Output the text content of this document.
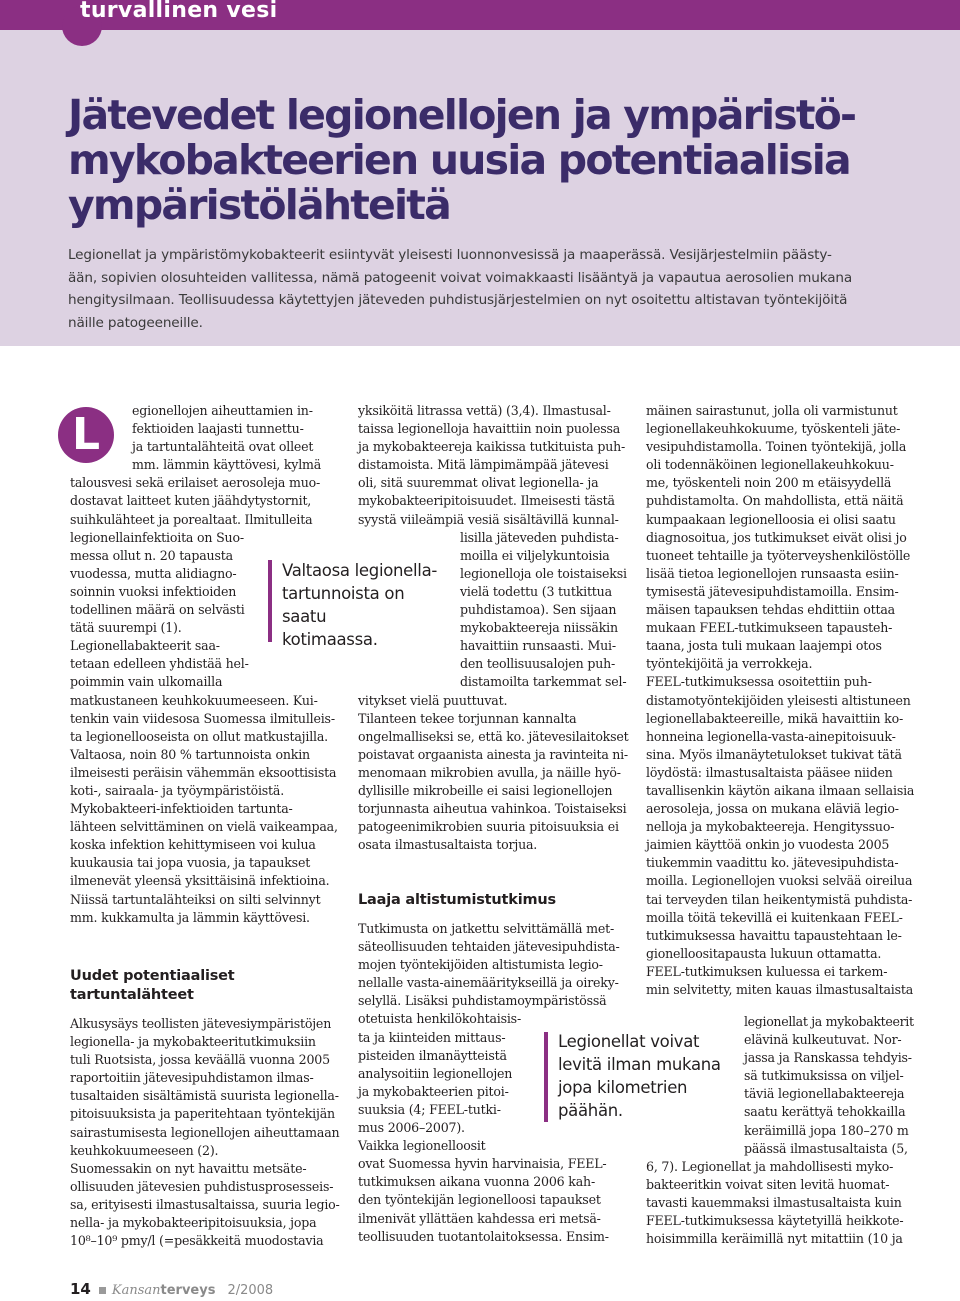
turvallinen vesi
Jätevedet legionellojen ja ympäristö-
mykobakteerien uusia potentiaalisia
ympäristölähteitä

Legionellat ja ympäristömykobakteerit esiintyvät yleisesti luonnonvesissä ja maaperässä. Vesijärjestelmiin päästy-
ään, sopivien olosuhteiden vallitessa, nämä patogeenit voivat voimakkaasti lisääntyä ja vapautua aerosolien mukana
hengitysilmaan. Teollisuudessa käytettyjen jäteveden puhdistusjärjestelmien on nyt osoitettu altistavan työntekijöitä
näille patogeeneille.

L	egionellojen aiheuttamien in-
fektioiden laajasti tunnettu-
ja tartuntalähteitä ovat olleet
mm. lämmin käyttövesi, kylmä
talousvesi sekä erilaiset aerosoleja muo-
dostavat laitteet kuten jäähdytystornit,
suihkulähteet ja porealtaat. Ilmitulleita
legionellainfektioita on Suo-
messa ollut n. 20 tapausta
vuodessa, mutta alidiagno-
soinnin vuoksi infektioiden
todellinen määrä on selvästi
tätä suurempi (1).
Legionellabakteerit saa-
tetaan edelleen yhdistää hel-
poimmin vain ulkomailla
matkustaneen keuhkokuumeeseen. Kui-
tenkin vain viidesosa Suomessa ilmitulleis-
ta legionellooseista on ollut matkustajilla.
Valtaosa, noin 80 % tartunnoista onkin
ilmeisesti peräisin vähemmän eksoottisista
koti-, sairaala- ja työympäristöistä.
Mykobakteeri-infektioiden tartunta-
lähteen selvittäminen on vielä vaikeampaa,
koska infektion kehittymiseen voi kulua
kuukausia tai jopa vuosia, ja tapaukset
ilmenevät yleensä yksittäisinä infektioina.
Niissä tartuntalähteiksi on silti selvinnyt
mm. kukkamulta ja lämmin käyttövesi.
Uudet potentiaaliset
tartuntalähteet
Alkusysäys teollisten jätevesiympäristöjen
legionella- ja mykobakteeritutkimuksiin
tuli Ruotsista, jossa keväällä vuonna 2005
raportoitiin jätevesipuhdistamon ilmas-
tusaltaiden sisältämistä suurista legionella-
pitoisuuksista ja paperitehtaan työntekijän
sairastumisesta legionellojen aiheuttamaan
keuhkokuumeeseen (2).
Suomessakin on nyt havaittu metsäte-
ollisuuden jätevesien puhdistusprosesseis-
sa, erityisesti ilmastusaltaissa, suuria legio-
nella- ja mykobakteeripitoisuuksia, jopa
10⁸–10⁹ pmy/l (=pesäkkeitä muodostavia
Valtaosa legionella-
tartunnoista on
saatu
kotimaassa.
yksiköitä litrassa vettä) (3,4). Ilmastusal-
taissa legionelloja havaittiin noin puolessa
ja mykobakteereja kaikissa tutkituista puh-
distamoista. Mitä lämpimämpää jätevesi
oli, sitä suuremmat olivat legionella- ja
mykobakteeripitoisuudet. Ilmeisesti tästä
syystä viileämpiä vesiä sisältävillä kunnal-
lisilla jäteveden puhdista-
moilla ei viljelykuntoisia
legionelloja ole toistaiseksi
vielä todettu (3 tutkittua
puhdistamoa). Sen sijaan
mykobakteereja niissäkin
havaittiin runsaasti. Mui-
den teollisuusalojen puh-
distamoilta tarkemmat sel-
vitykset vielä puuttuvat.
Tilanteen tekee torjunnan kannalta
ongelmalliseksi se, että ko. jätevesilaitokset
poistavat orgaanista ainesta ja ravinteita ni-
menomaan mikrobien avulla, ja näille hyö-
dyllisille mikrobeille ei saisi legionellojen
torjunnasta aiheutua vahinkoa. Toistaiseksi
patogeenimikrobien suuria pitoisuuksia ei
osata ilmastusaltaista torjua.
Laaja altistumistutkimus
Tutkimusta on jatkettu selvittämällä met-
säteollisuuden tehtaiden jätevesipuhdista-
mojen työntekijöiden altistumista legio-
nellalle vasta-ainemääritykseillä ja oireky-
selyllä. Lisäksi puhdistamoympäristössä
otetuista henkilökohtaisis-
ta ja kiinteiden mittaus-
pisteiden ilmanäytteistä
analysoitiin legionellojen
ja mykobakteerien pitoi-
suuksia (4; FEEL-tutki-
mus 2006–2007).
Vaikka legionelloosit
ovat Suomessa hyvin harvinaisia, FEEL-
tutkimuksen aikana vuonna 2006 kah-
den työntekijän legionelloosi tapaukset
ilmenivät yllättäen kahdessa eri metsä-
teollisuuden tuotantolaitoksessa. Ensim-
Legionellat voivat
levitä ilman mukana
jopa kilometrien
päähän.
mäinen sairastunut, jolla oli varmistunut
legionellakeuhkokuume, työskenteli jäte-
vesipuhdistamolla. Toinen työntekijä, jolla
oli todennäköinen legionellakeuhkokuu-
me, työskenteli noin 200 m etäisyydellä
puhdistamolta. On mahdollista, että näitä
kumpaakaan legionelloosia ei olisi saatu
diagnosoitua, jos tutkimukset eivät olisi jo
tuoneet tehtaille ja työterveyshenkilöstölle
lisää tietoa legionellojen runsaasta esiin-
tymisestä jätevesipuhdistamoilla. Ensim-
mäisen tapauksen tehdas ehdittiin ottaa
mukaan FEEL-tutkimukseen tapausteh-
taana, josta tuli mukaan laajempi otos
työntekijöitä ja verrokkeja.
FEEL-tutkimuksessa osoitettiin puh-
distamotyöntekijöiden yleisesti altistuneen
legionellabakteereille, mikä havaittiin ko-
honneina legionella-vasta-ainepitoisuuk-
sina. Myös ilmanäytetulokset tukivat tätä
löydöstä: ilmastusaltaista pääsee niiden
tavallisenkin käytön aikana ilmaan sellaisia
aerosoleja, jossa on mukana eläviä legio-
nelloja ja mykobakteereja. Hengityssuo-
jaimien käyttöä onkin jo vuodesta 2005
tiukemmin vaadittu ko. jätevesipuhdista-
moilla. Legionellojen vuoksi selvää oireilua
tai terveyden tilan heikentymistä puhdista-
moilla töitä tekevillä ei kuitenkaan FEEL-
tutkimuksessa havaittu tapaustehtaan le-
gionelloositapausta lukuun ottamatta.
FEEL-tutkimuksen kuluessa ei tarkem-
min selvitetty, miten kauas ilmastusaltaista
legionellat ja mykobakteerit
elävinä kulkeutuvat. Nor-
jassa ja Ranskassa tehdyis-
sä tutkimuksissa on viljel-
täviä legionellabakteereja
saatu kerättyä tehokkailla
keräimillä jopa 180–270 m
päässä ilmastusaltaista (5,
6, 7). Legionellat ja mahdollisesti myko-
bakteeritkin voivat siten levitä huomat-
tavasti kauemmaksi ilmastusaltaista kuin
FEEL-tutkimuksessa käytetyillä heikkote-
hoisimmilla keräimillä nyt mitattiin (10 ja
14 Kansanterveys 2/2008
